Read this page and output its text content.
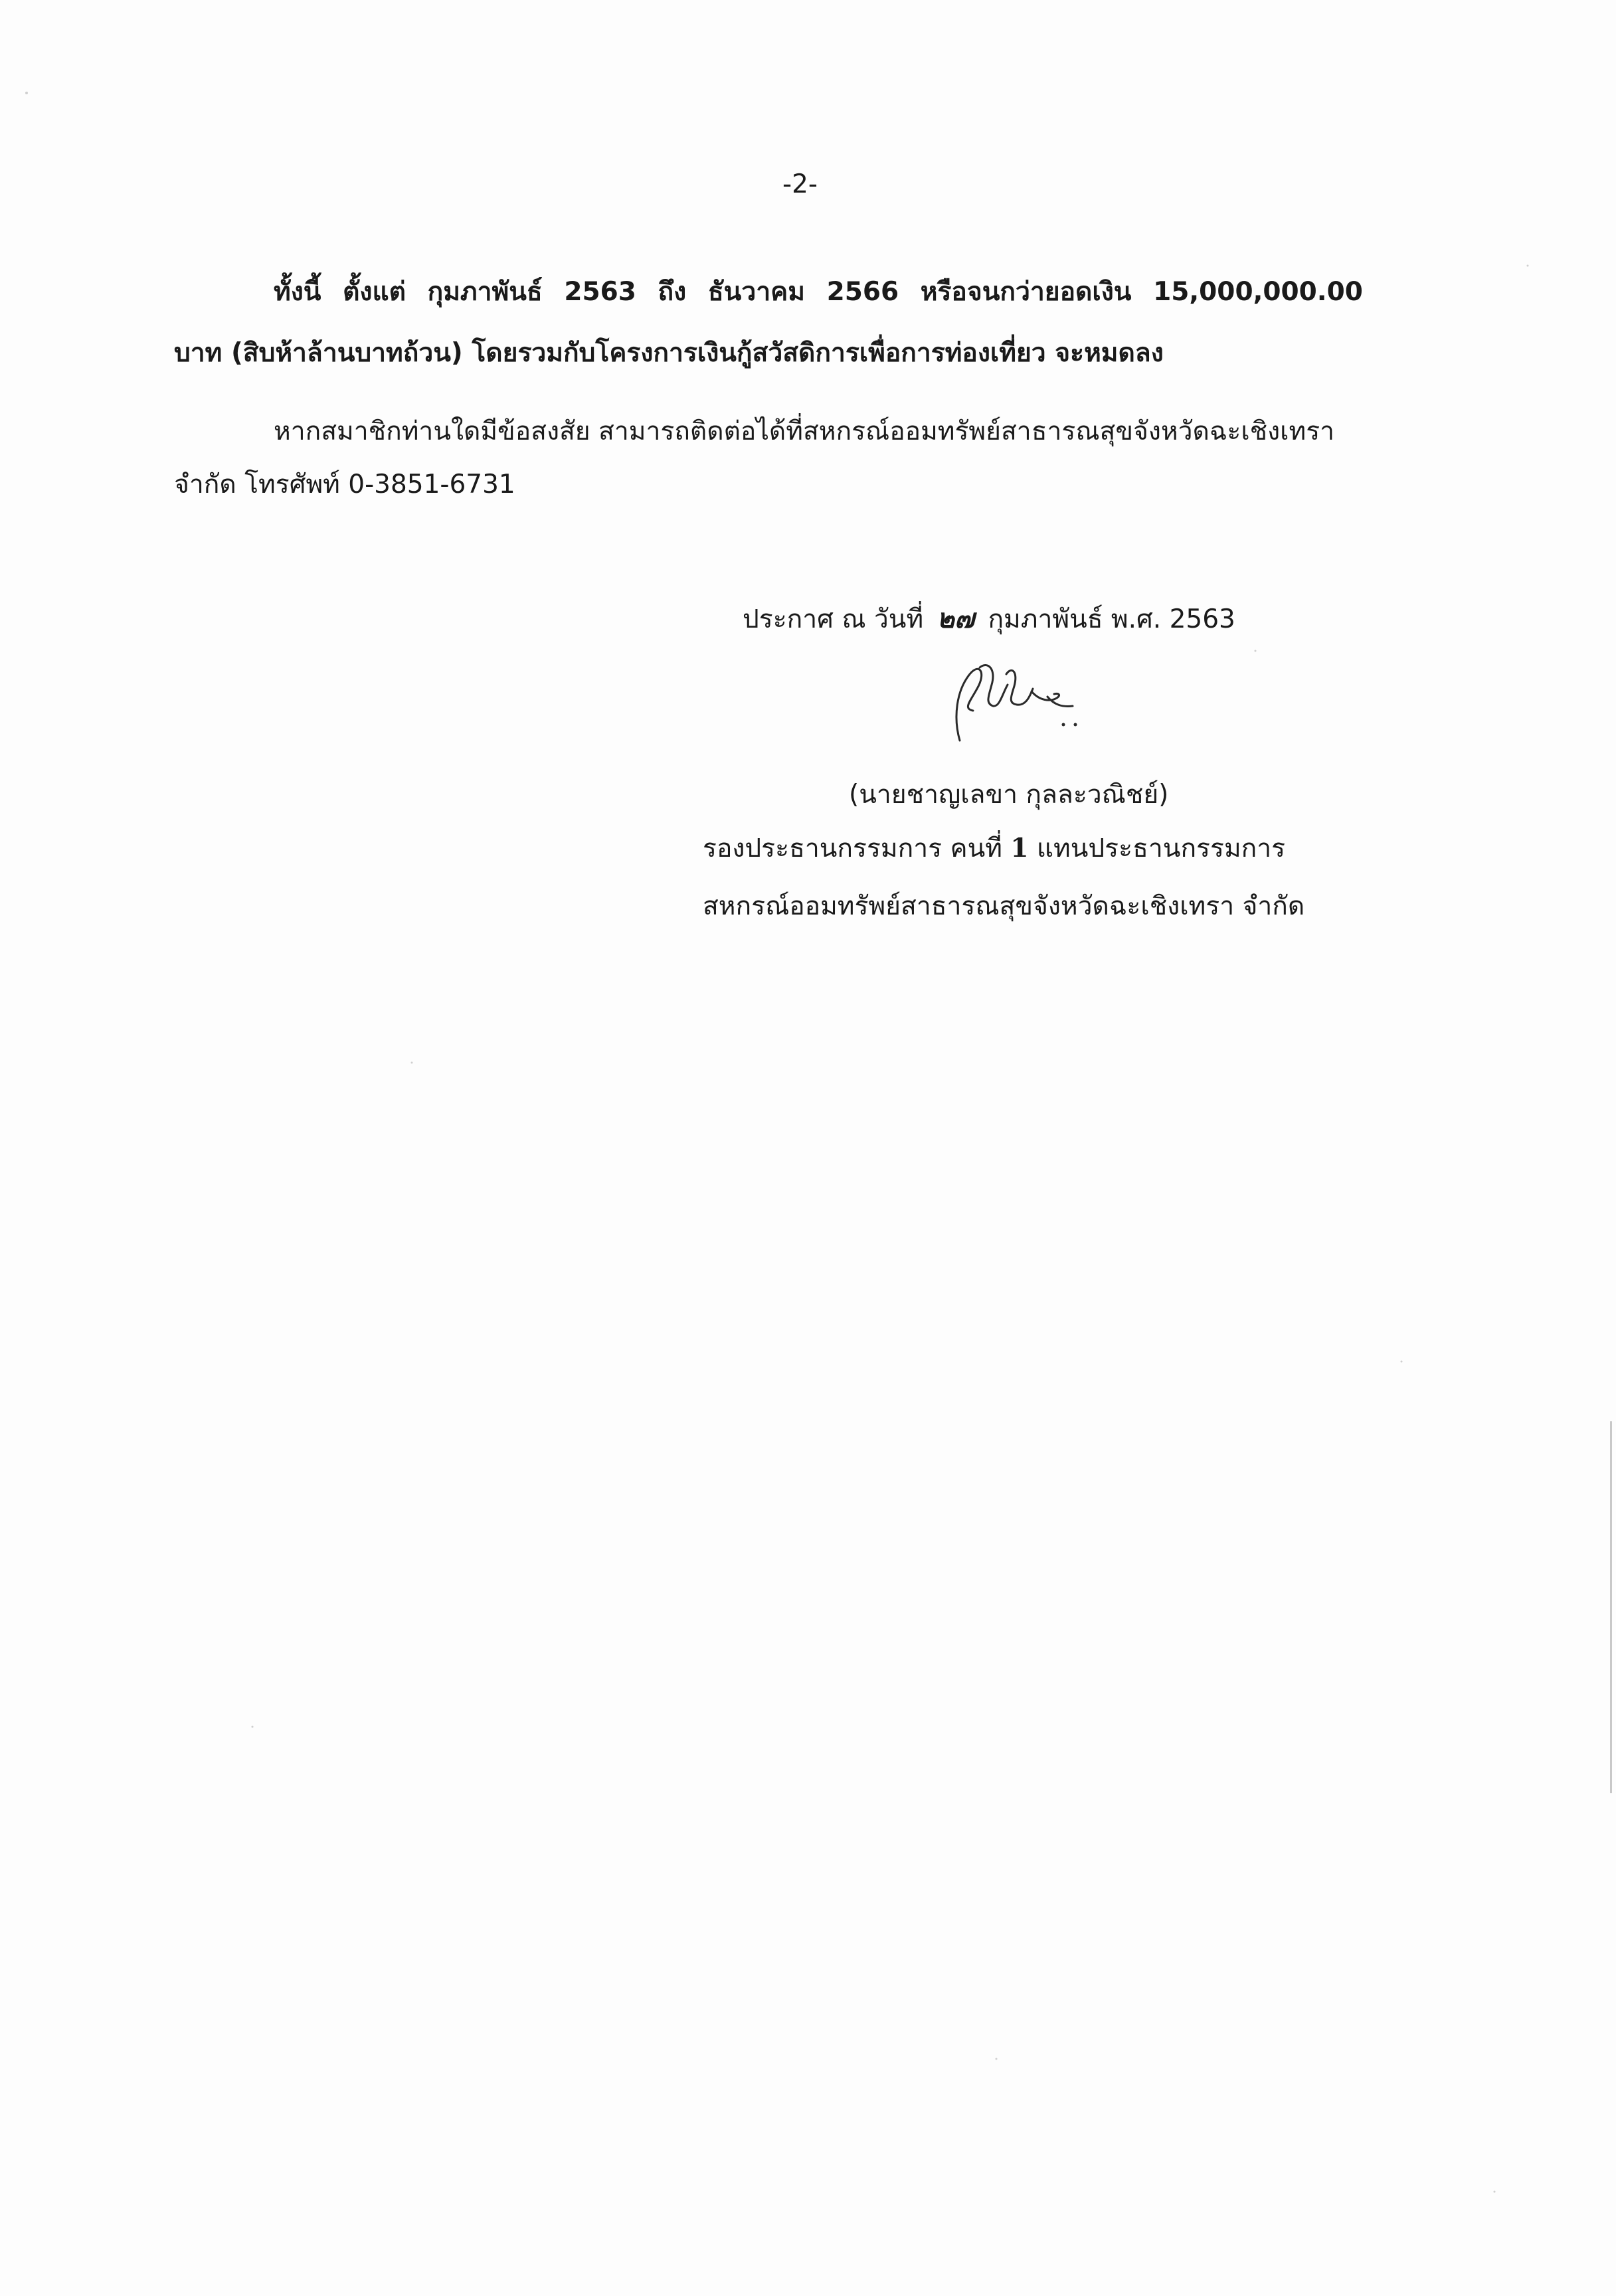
-2-
ทั้งนี้ ตั้งแต่ กุมภาพันธ์ 2563 ถึง ธันวาคม 2566 หรือจนกว่ายอดเงิน 15,000,000.00
บาท (สิบห้าล้านบาทถ้วน) โดยรวมกับโครงการเงินกู้สวัสดิการเพื่อการท่องเที่ยว จะหมดลง
หากสมาชิกท่านใดมีข้อสงสัย สามารถติดต่อได้ที่สหกรณ์ออมทรัพย์สาธารณสุขจังหวัดฉะเชิงเทรา
จำกัด โทรศัพท์ 0-3851-6731
ประกาศ ณ วันที่ ๒๗ กุมภาพันธ์ พ.ศ. 2563
(นายชาญเลขา กุลละวณิชย์)
รองประธานกรรมการ คนที่ 1 แทนประธานกรรมการ
สหกรณ์ออมทรัพย์สาธารณสุขจังหวัดฉะเชิงเทรา จำกัด
